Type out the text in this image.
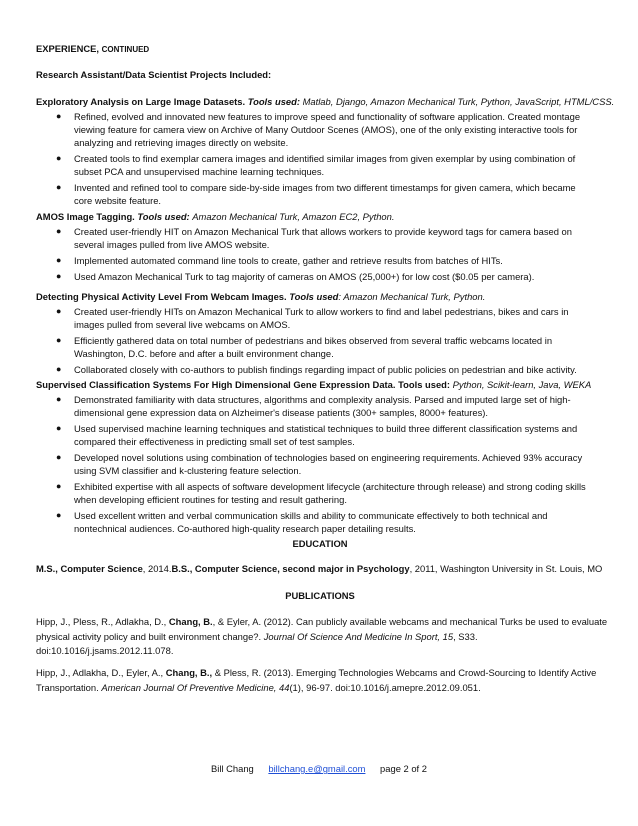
EXPERIENCE, CONTINUED
Research Assistant/Data Scientist Projects Included:
Exploratory Analysis on Large Image Datasets. Tools used: Matlab, Django, Amazon Mechanical Turk, Python, JavaScript, HTML/CSS.
● Refined, evolved and innovated new features to improve speed and functionality of software application. Created montage
viewing feature for camera view on Archive of Many Outdoor Scenes (AMOS), one of the only existing interactive tools for
analyzing and retrieving images directly on website.
● Created tools to find exemplar camera images and identified similar images from given exemplar by using combination of
subset PCA and unsupervised machine learning techniques.
● Invented and refined tool to compare side-by-side images from two different timestamps for given camera, which became
core website feature.
AMOS Image Tagging. Tools used: Amazon Mechanical Turk, Amazon EC2, Python.
● Created user-friendly HIT on Amazon Mechanical Turk that allows workers to provide keyword tags for camera based on
several images pulled from live AMOS website.
● Implemented automated command line tools to create, gather and retrieve results from batches of HITs.
● Used Amazon Mechanical Turk to tag majority of cameras on AMOS (25,000+) for low cost ($0.05 per camera).
Detecting Physical Activity Level From Webcam Images. Tools used: Amazon Mechanical Turk, Python.
● Created user-friendly HITs on Amazon Mechanical Turk to allow workers to find and label pedestrians, bikes and cars in
images pulled from several live webcams on AMOS.
● Efficiently gathered data on total number of pedestrians and bikes observed from several traffic webcams located in
Washington, D.C. before and after a built environment change.
● Collaborated closely with co-authors to publish findings regarding impact of public policies on pedestrian and bike activity.
Supervised Classification Systems For High Dimensional Gene Expression Data. Tools used: Python, Scikit-learn, Java, WEKA
● Demonstrated familiarity with data structures, algorithms and complexity analysis. Parsed and imputed large set of high-
dimensional gene expression data on Alzheimer's disease patients (300+ samples, 8000+ features).
● Used supervised machine learning techniques and statistical techniques to build three different classification systems and
compared their effectiveness in predicting small set of test samples.
● Developed novel solutions using combination of technologies based on engineering requirements. Achieved 93% accuracy
using SVM classifier and k-clustering feature selection.
● Exhibited expertise with all aspects of software development lifecycle (architecture through release) and strong coding skills
when developing efficient routines for testing and result gathering.
● Used excellent written and verbal communication skills and ability to communicate effectively to both technical and
nontechnical audiences. Co-authored high-quality research paper detailing results.
EDUCATION
M.S., Computer Science, 2014.B.S., Computer Science, second major in Psychology, 2011, Washington University in St. Louis, MO
PUBLICATIONS
Hipp, J., Pless, R., Adlakha, D., Chang, B., & Eyler, A. (2012). Can publicly available webcams and mechanical Turks be used to evaluate
physical activity policy and built environment change?. Journal Of Science And Medicine In Sport, 15, S33.
doi:10.1016/j.jsams.2012.11.078.
Hipp, J., Adlakha, D., Eyler, A., Chang, B., & Pless, R. (2013). Emerging Technologies Webcams and Crowd-Sourcing to Identify Active
Transportation. American Journal Of Preventive Medicine, 44(1), 96-97. doi:10.1016/j.amepre.2012.09.051.
Bill Chang billchang.e@gmail.com page 2 of 2
